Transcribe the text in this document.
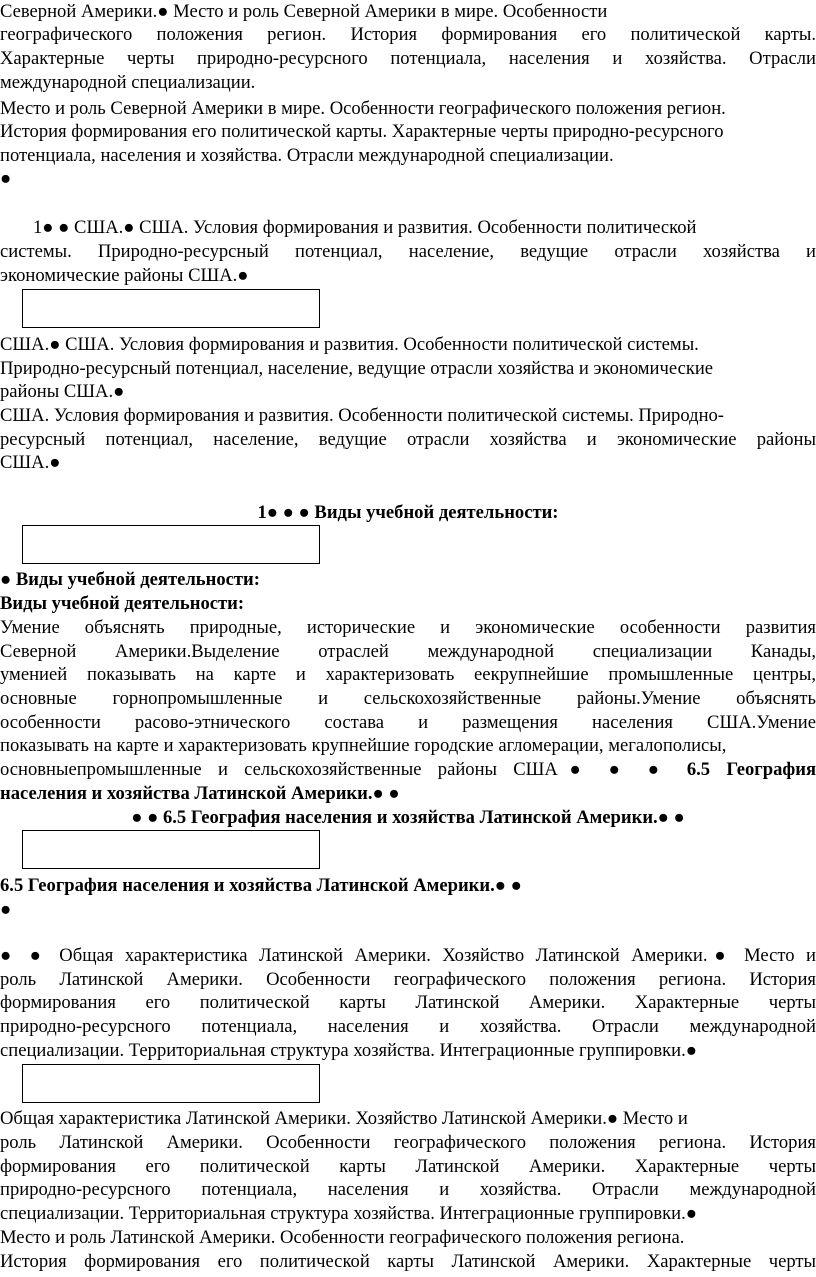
Северной Америки.● Место и роль Северной Америки в мире. Особенности
географического положения регион. История формирования его политической карты.
Характерные черты природно-ресурсного потенциала, населения и хозяйства. Отрасли
международной специализации.
Место и роль Северной Америки в мире. Особенности географического положения регион.
История формирования его политической карты. Характерные черты природно-ресурсного
потенциала, населения и хозяйства. Отрасли международной специализации.
●
1● ● США.● США. Условия формирования и развития. Особенности политической
системы. Природно-ресурсный потенциал, население, ведущие отрасли хозяйства и
экономические районы США.●
США.● США. Условия формирования и развития. Особенности политической системы.
Природно-ресурсный потенциал, население, ведущие отрасли хозяйства и экономические
районы США.●
США. Условия формирования и развития. Особенности политической системы. Природно-
ресурсный потенциал, население, ведущие отрасли хозяйства и экономические районы
США.●
1● ● ● Виды учебной деятельности:
● Виды учебной деятельности:
Виды учебной деятельности:
Умение объяснять природные, исторические и экономические особенности развития
Северной Америки.Выделение отраслей международной специализации Канады,
уменией показывать на карте и характеризовать еекрупнейшие промышленные центры,
основные горнопромышленные и сельскохозяйственные районы.Умение объяснять
особенности расово-этнического состава и размещения населения США.Умение
показывать на карте и характеризовать крупнейшие городские агломерации, мегалополисы,
основныепромышленные и сельскохозяйственные районы США● ● ● 6.5 География
населения и хозяйства Латинской Америки.● ●
● ● 6.5 География населения и хозяйства Латинской Америки.● ●
6.5 География населения и хозяйства Латинской Америки.● ●
●
● ● Общая характеристика Латинской Америки. Хозяйство Латинской Америки.● Место и
роль Латинской Америки. Особенности географического положения региона. История
формирования его политической карты Латинской Америки. Характерные черты
природно-ресурсного потенциала, населения и хозяйства. Отрасли международной
специализации. Территориальная структура хозяйства. Интеграционные группировки.●
Общая характеристика Латинской Америки. Хозяйство Латинской Америки.● Место и
роль Латинской Америки. Особенности географического положения региона. История
формирования его политической карты Латинской Америки. Характерные черты
природно-ресурсного потенциала, населения и хозяйства. Отрасли международной
специализации. Территориальная структура хозяйства. Интеграционные группировки.●
Место и роль Латинской Америки. Особенности географического положения региона.
История формирования его политической карты Латинской Америки. Характерные черты
